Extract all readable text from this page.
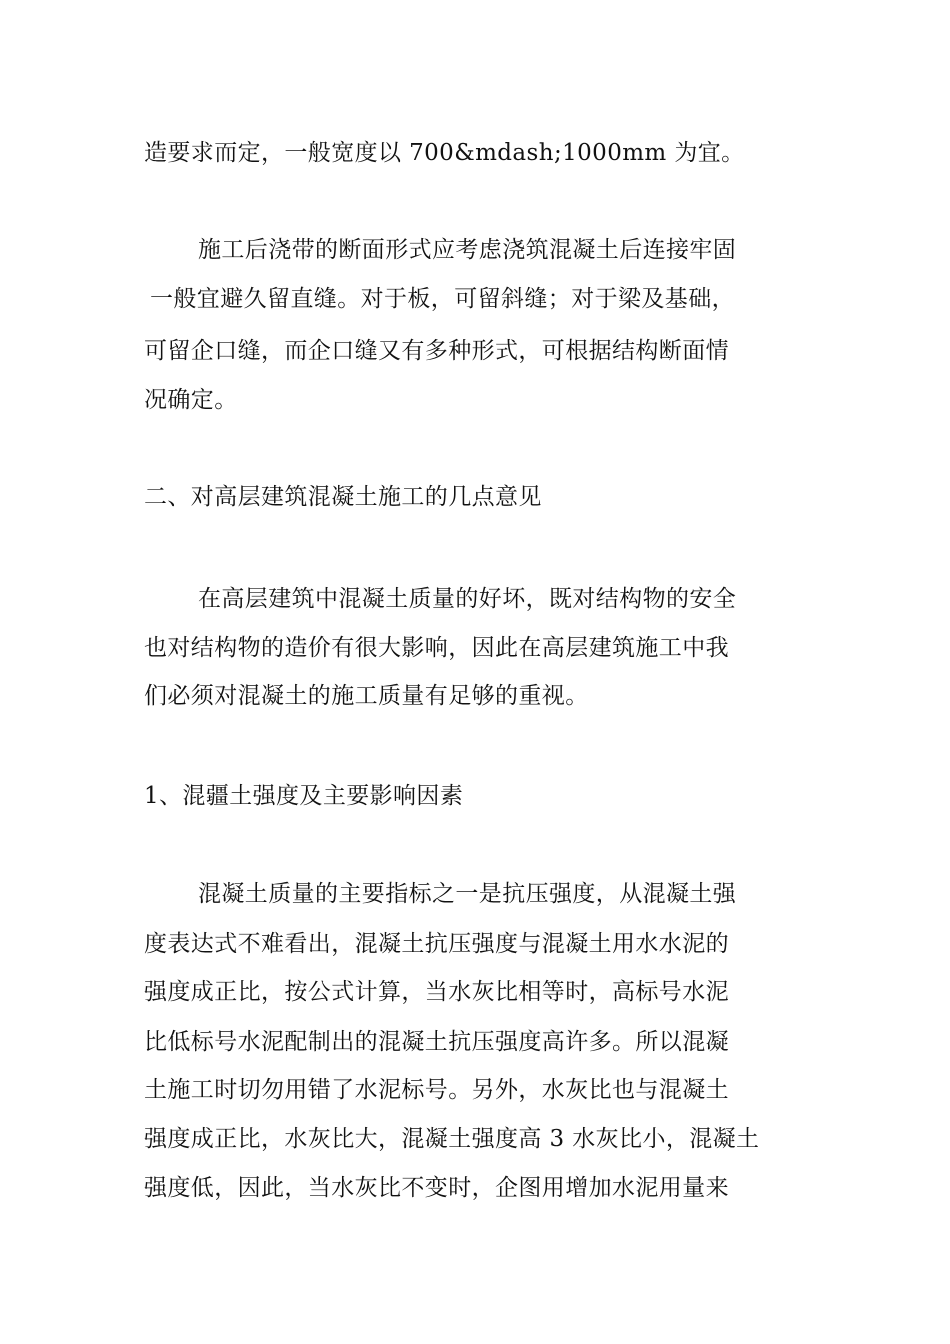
造要求而定，一般宽度以 700&mdash;1000mm 为宜。
施工后浇带的断面形式应考虑浇筑混凝土后连接牢固
一般宜避久留直缝。对于板，可留斜缝；对于梁及基础，
可留企口缝，而企口缝又有多种形式，可根据结构断面情
况确定。
二、对高层建筑混凝土施工的几点意见
在高层建筑中混凝土质量的好坏，既对结构物的安全
也对结构物的造价有很大影响，因此在高层建筑施工中我
们必须对混凝土的施工质量有足够的重视。
1、混疆土强度及主要影响因素
混凝土质量的主要指标之一是抗压强度，从混凝土强
度表达式不难看出，混凝土抗压强度与混凝土用水水泥的
强度成正比，按公式计算，当水灰比相等时，高标号水泥
比低标号水泥配制出的混凝土抗压强度高许多。所以混凝
土施工时切勿用错了水泥标号。另外，水灰比也与混凝土
强度成正比，水灰比大，混凝土强度高 3 水灰比小，混凝土
强度低，因此，当水灰比不变时，企图用增加水泥用量来
